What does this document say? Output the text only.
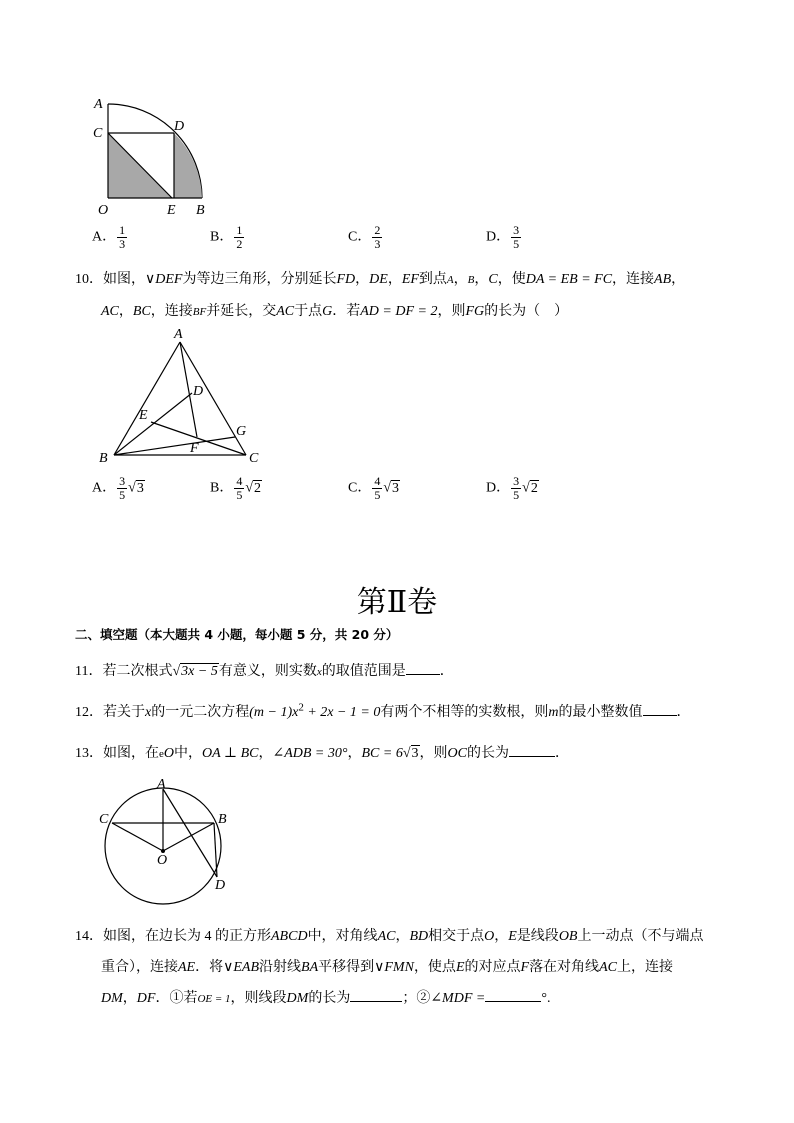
A
C	D
O	E B
A． $\frac{1}{3}$	B． $\frac{1}{2}$	C． $\frac{2}{3}$	D． $\frac{3}{5}$
10．如图，∨DEF为等边三角形，分别延长FD，DE，EF到点A，B，C，使DA = EB = FC，连接AB，
AC，BC，连接BF并延长，交AC于点G．若AD = DF = 2，则FG的长为（　）
A
D
E
G
F
B	C
A． $\frac{3}{5} √3$	B． $\frac{4}{5} √2$	C． $\frac{4}{5} √3$	D． $\frac{3}{5} √2$
第Ⅱ卷
二、填空题（本大题共 4 小题，每小题 5 分，共 20 分）
11．若二次根式√3x − 5有意义，则实数x的取值范围是 ．
12．若关于x的一元二次方程$(m - 1)x^2 + 2x - 1 = 0$有两个不相等的实数根，则m的最小整数值 ．
13．如图，在eO中，OA ⊥ BC，∠ADB = 30°，BC = 6√3，则OC的长为	．
A
C	B
O
D
14．如图，在边长为 4 的正方形ABCD中，对角线AC，BD相交于点O，E是线段OB上一动点（不与端点
重合），连接AE．将∨EAB沿射线BA平移得到∨FMN，使点E的对应点F落在对角线AC上，连接
DM，DF．①若OE = 1，则线段DM的长为	；②∠MDF =	°.
